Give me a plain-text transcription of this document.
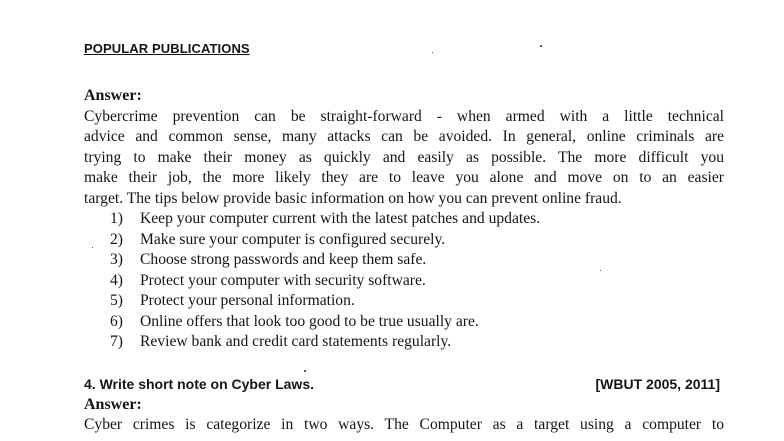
POPULAR PUBLICATIONS
Answer:
Cybercrime prevention can be straight-forward - when armed with a little technical
advice and common sense, many attacks can be avoided. In general, online criminals are
trying to make their money as quickly and easily as possible. The more difficult you
make their job, the more likely they are to leave you alone and move on to an easier
target. The tips below provide basic information on how you can prevent online fraud.
1) Keep your computer current with the latest patches and updates.
2) Make sure your computer is configured securely.
3) Choose strong passwords and keep them safe.
4) Protect your computer with security software.
5) Protect your personal information.
6) Online offers that look too good to be true usually are.
7) Review bank and credit card statements regularly.
4. Write short note on Cyber Laws.	[WBUT 2005, 2011]
Answer:
Cyber crimes is categorize in two ways. The Computer as a target using a computer to
